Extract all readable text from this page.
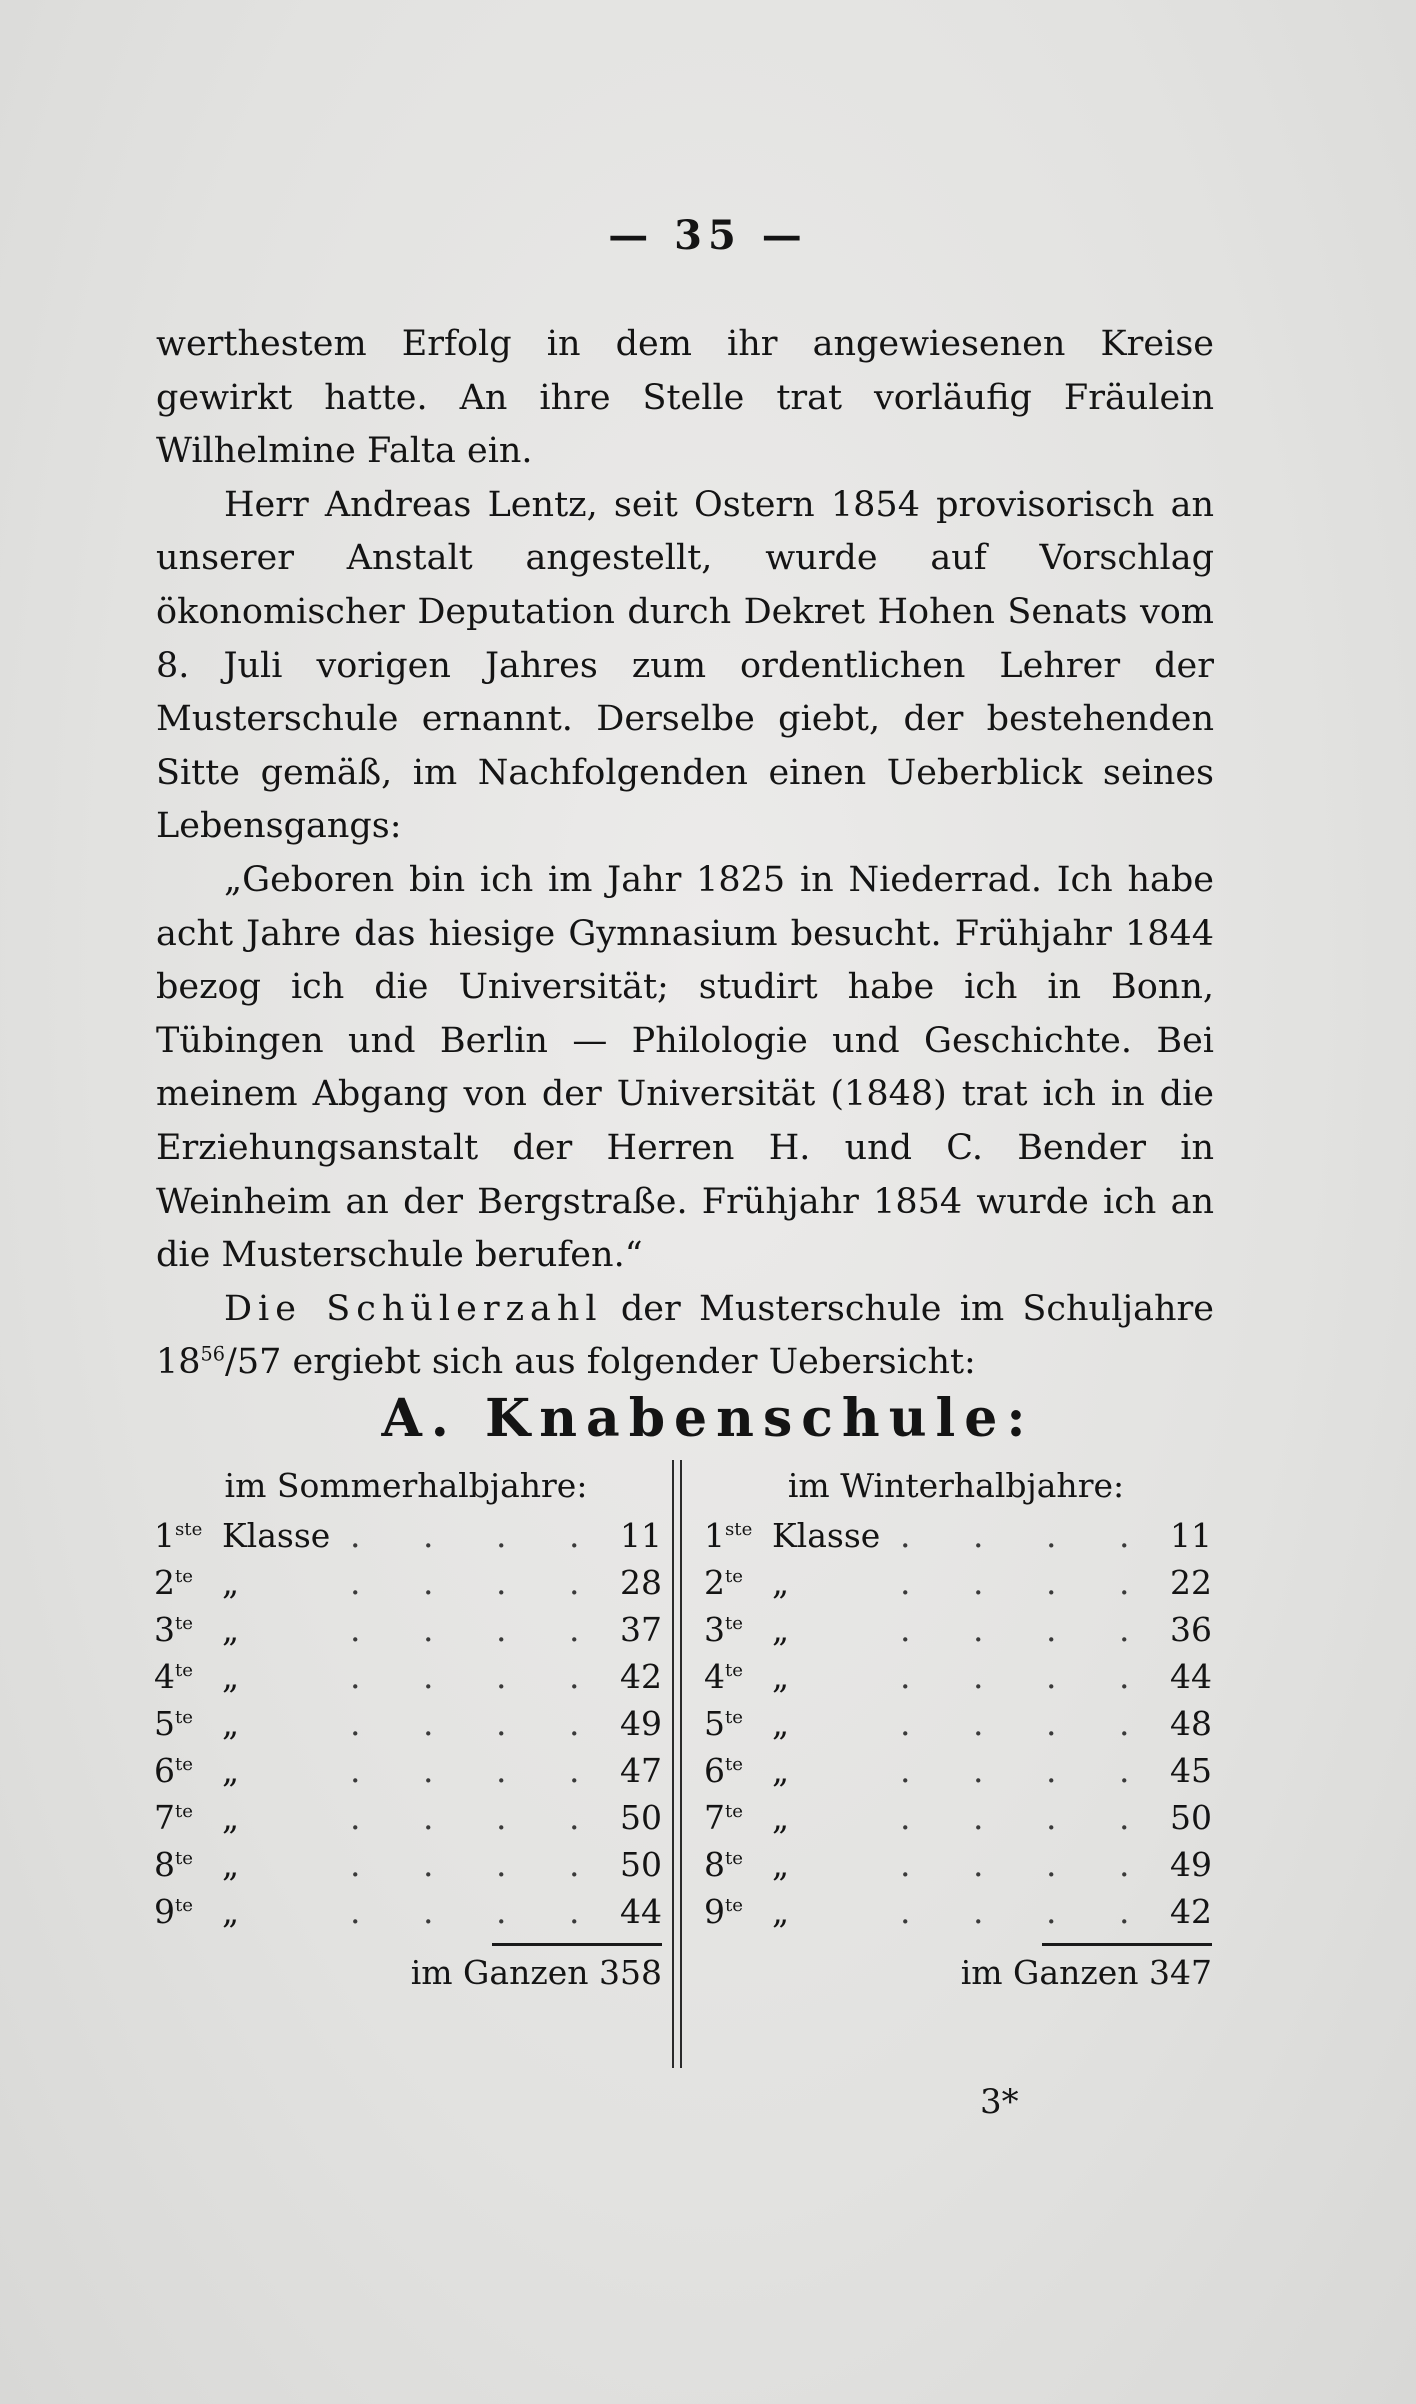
— 35 —

werthestem Erfolg in dem ihr angewiesenen Kreise gewirkt hatte. An ihre Stelle trat vorläufig Fräulein Wilhelmine Falta ein.

Herr Andreas Lentz, seit Ostern 1854 provisorisch an unserer Anstalt angestellt, wurde auf Vorschlag ökonomischer Deputation durch Dekret Hohen Senats vom 8. Juli vorigen Jahres zum ordentlichen Lehrer der Musterschule ernannt. Derselbe giebt, der bestehenden Sitte gemäß, im Nachfolgenden einen Ueberblick seines Lebensgangs:

„Geboren bin ich im Jahr 1825 in Niederrad. Ich habe acht Jahre das hiesige Gymnasium besucht. Frühjahr 1844 bezog ich die Universität; studirt habe ich in Bonn, Tübingen und Berlin — Philologie und Geschichte. Bei meinem Abgang von der Universität (1848) trat ich in die Erziehungsanstalt der Herren H. und C. Bender in Weinheim an der Bergstraße. Frühjahr 1854 wurde ich an die Musterschule berufen.“

Die Schülerzahl der Musterschule im Schuljahre $18^{56}/57$ ergiebt sich aus folgender Uebersicht:

A. Knabenschule:
im Sommerhalbjahre:
1ste Klasse . . . . 11
$2^{te}$ „	. . . . 28
$3^{te}$ „	. . . . 37
$4^{te}$ „	. . . . 42
$5^{te}$ „	. . . . 49
$6^{te}$ „	. . . . 47
$7^{te}$ „	. . . . 50
$8^{te}$ „	. . . . 50
$9^{te}$ „	. . . . 44
im Ganzen 358
im Winterhalbjahre:
1ste Klasse . . . . 11
$2^{te}$ „	. . . . 22
$3^{te}$ „	. . . . 36
$4^{te}$ „	. . . . 44
$5^{te}$ „	. . . . 48
$6^{te}$ „	. . . . 45
$7^{te}$ „	. . . . 50
$8^{te}$ „	. . . . 49
$9^{te}$ „	. . . . 42
im Ganzen 347
3*
